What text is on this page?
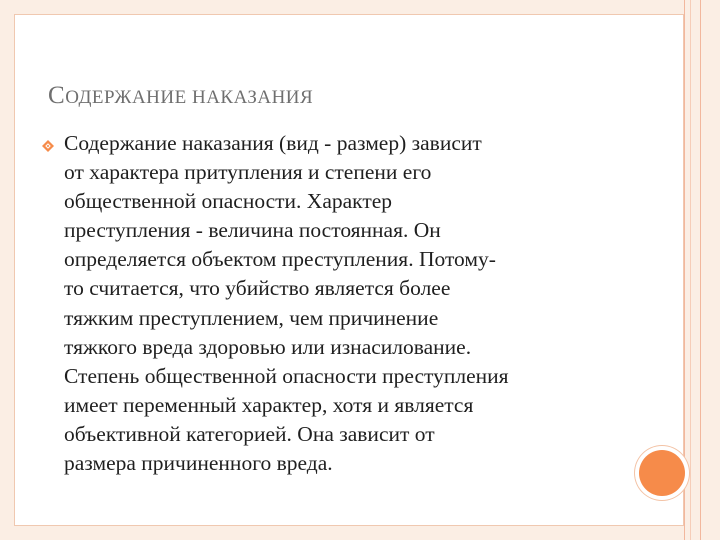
СОДЕРЖАНИЕ НАКАЗАНИЯ
Содержание наказания (вид - размер) зависит
от характера притупления и степени его
общественной опасности. Характер
преступления - величина постоянная. Он
определяется объектом преступления. Потому-
то считается, что убийство является более
тяжким преступлением, чем причинение
тяжкого вреда здоровью или изнасилование.
Степень общественной опасности преступления
имеет переменный характер, хотя и является
объективной категорией. Она зависит от
размера причиненного вреда.
